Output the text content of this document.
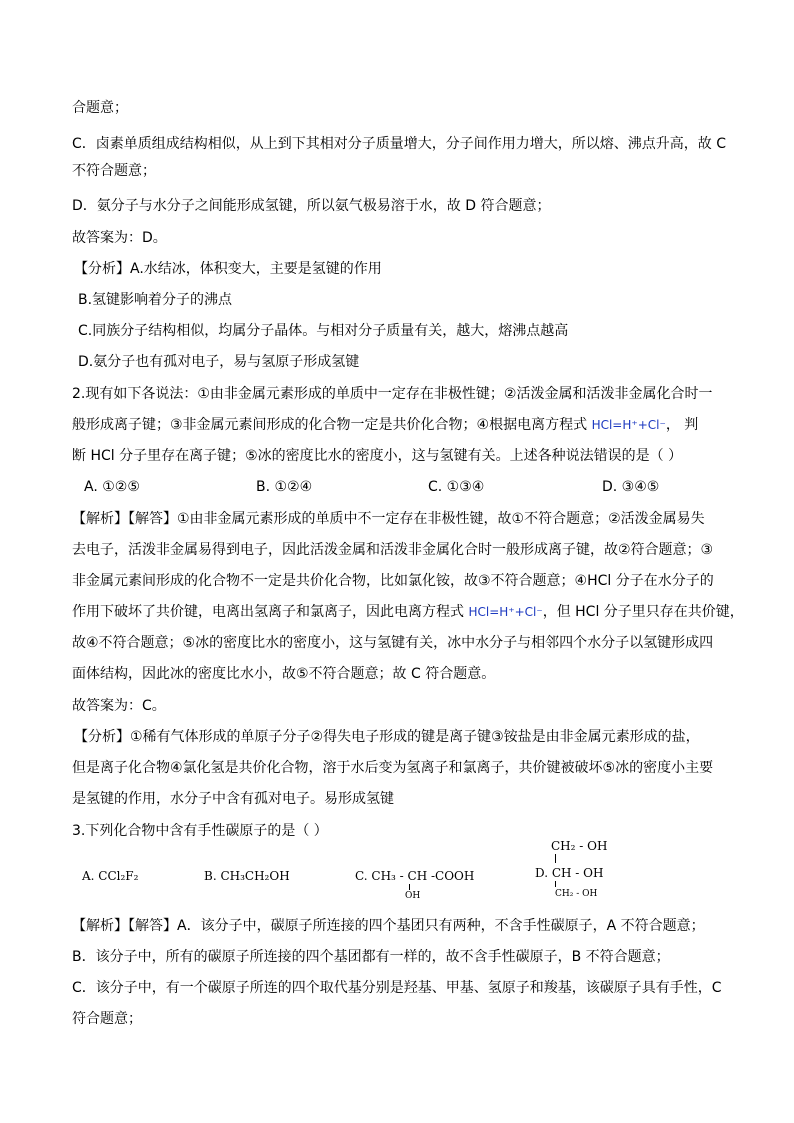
合题意；
C．卤素单质组成结构相似，从上到下其相对分子质量增大，分子间作用力增大，所以熔、沸点升高，故 C
不符合题意；
D．氨分子与水分子之间能形成氢键，所以氨气极易溶于水，故 D 符合题意；
故答案为：D。
【分析】A.水结冰，体积变大，主要是氢键的作用
B.氢键影响着分子的沸点
C.同族分子结构相似，均属分子晶体。与相对分子质量有关，越大，熔沸点越高
D.氨分子也有孤对电子，易与氢原子形成氢键
2.现有如下各说法：①由非金属元素形成的单质中一定存在非极性键；②活泼金属和活泼非金属化合时一
般形成离子键；③非金属元素间形成的化合物一定是共价化合物；④根据电离方程式 HCl=H⁺+Cl⁻， 判
断 HCl 分子里存在离子键；⑤冰的密度比水的密度小，这与氢键有关。上述各种说法错误的是（ ）
A. ①②⑤	B. ①②④	C. ①③④	D. ③④⑤
【解析】【解答】①由非金属元素形成的单质中不一定存在非极性键，故①不符合题意；②活泼金属易失
去电子，活泼非金属易得到电子，因此活泼金属和活泼非金属化合时一般形成离子键，故②符合题意；③
非金属元素间形成的化合物不一定是共价化合物，比如氯化铵，故③不符合题意；④HCl 分子在水分子的
作用下破坏了共价键，电离出氢离子和氯离子，因此电离方程式 HCl=H⁺+Cl⁻，但 HCl 分子里只存在共价键，
故④不符合题意；⑤冰的密度比水的密度小，这与氢键有关，冰中水分子与相邻四个水分子以氢键形成四
面体结构，因此冰的密度比水小，故⑤不符合题意；故 C 符合题意。
故答案为：C。
【分析】①稀有气体形成的单原子分子②得失电子形成的键是离子键③铵盐是由非金属元素形成的盐，
但是离子化合物④氯化氢是共价化合物，溶于水后变为氢离子和氯离子，共价键被破坏⑤冰的密度小主要
是氢键的作用，水分子中含有孤对电子。易形成氢键
3.下列化合物中含有手性碳原子的是（ ）
A. CCl₂F₂	B. CH₃CH₂OH	C. CH₃ - CH -COOH
OH
CH₂ - OH
D. CH - OH
CH₂ - OH
【解析】【解答】A．该分子中，碳原子所连接的四个基团只有两种，不含手性碳原子，A 不符合题意；
B．该分子中，所有的碳原子所连接的四个基团都有一样的，故不含手性碳原子，B 不符合题意；
C．该分子中，有一个碳原子所连的四个取代基分别是羟基、甲基、氢原子和羧基，该碳原子具有手性，C
符合题意；
